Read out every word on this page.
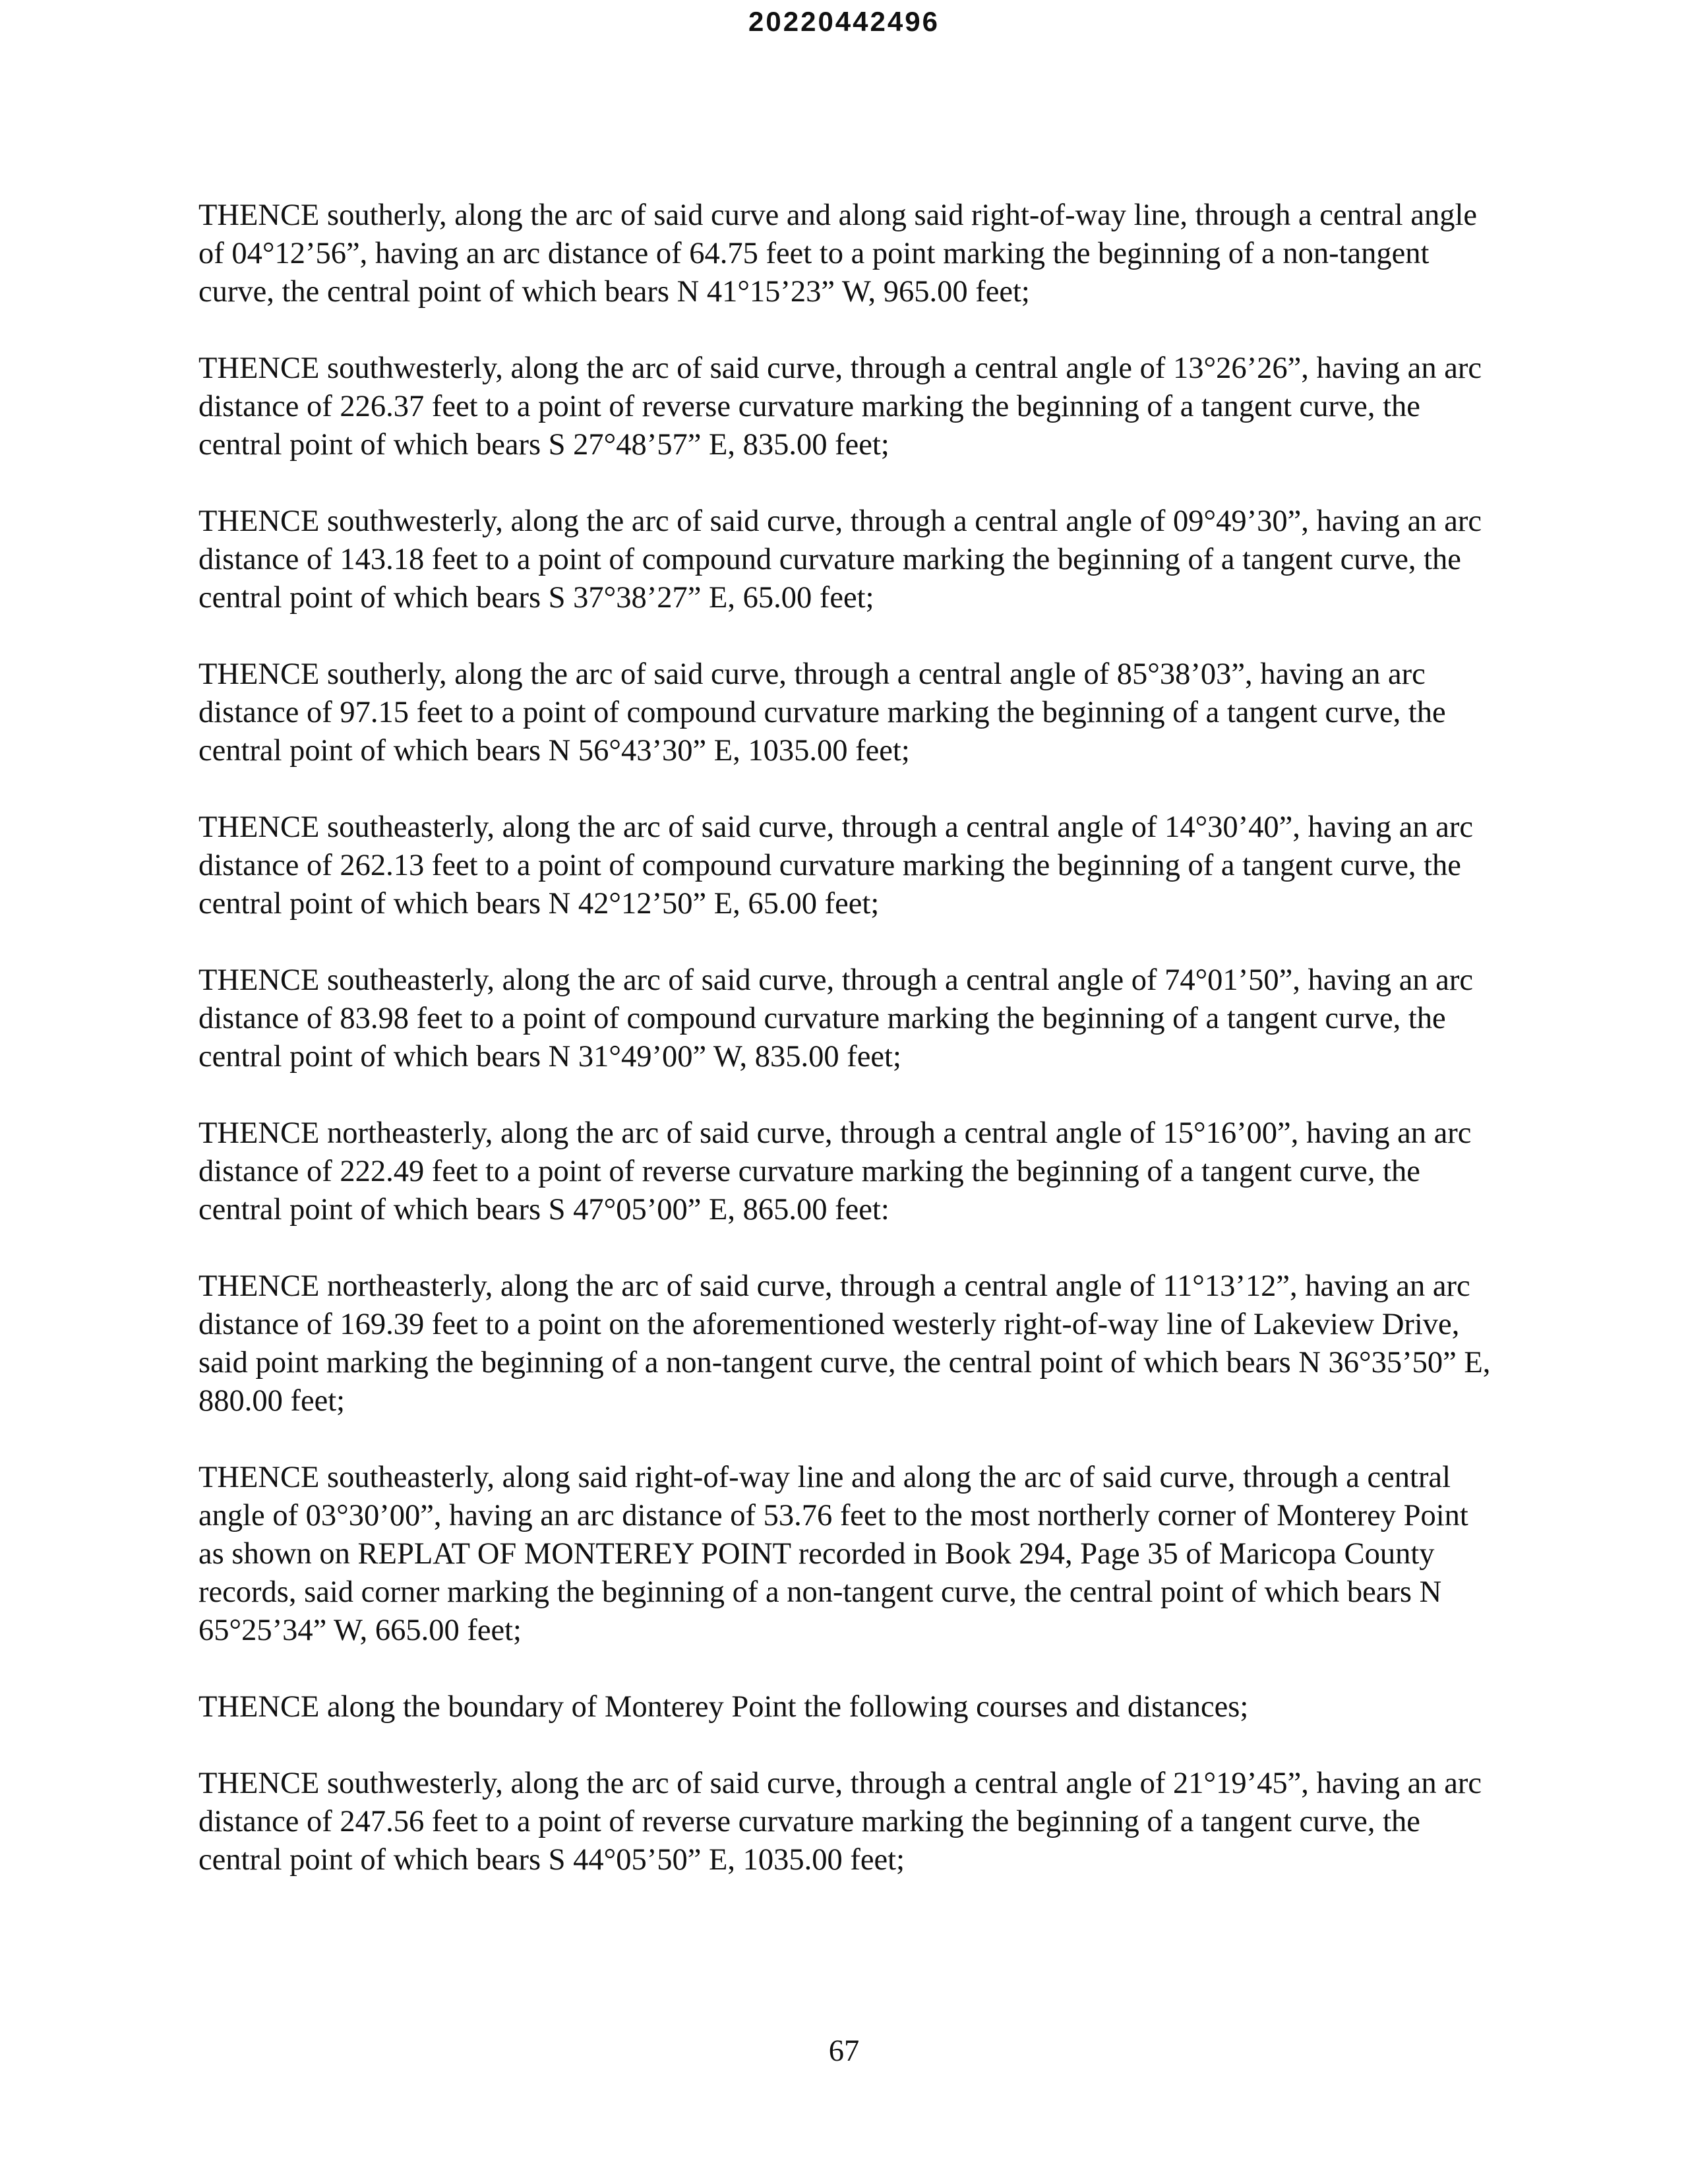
20220442496

THENCE southerly, along the arc of said curve and along said right-of-way line, through a central angle of 04°12’56”, having an arc distance of 64.75 feet to a point marking the beginning of a non-tangent curve, the central point of which bears N 41°15’23” W, 965.00 feet;

THENCE southwesterly, along the arc of said curve, through a central angle of 13°26’26”, having an arc distance of 226.37 feet to a point of reverse curvature marking the beginning of a tangent curve, the central point of which bears S 27°48’57” E, 835.00 feet;

THENCE southwesterly, along the arc of said curve, through a central angle of 09°49’30”, having an arc distance of 143.18 feet to a point of compound curvature marking the beginning of a tangent curve, the central point of which bears S 37°38’27” E, 65.00 feet;

THENCE southerly, along the arc of said curve, through a central angle of 85°38’03”, having an arc distance of 97.15 feet to a point of compound curvature marking the beginning of a tangent curve, the central point of which bears N 56°43’30” E, 1035.00 feet;

THENCE southeasterly, along the arc of said curve, through a central angle of 14°30’40”, having an arc distance of 262.13 feet to a point of compound curvature marking the beginning of a tangent curve, the central point of which bears N 42°12’50” E, 65.00 feet;

THENCE southeasterly, along the arc of said curve, through a central angle of 74°01’50”, having an arc distance of 83.98 feet to a point of compound curvature marking the beginning of a tangent curve, the central point of which bears N 31°49’00” W, 835.00 feet;

THENCE northeasterly, along the arc of said curve, through a central angle of 15°16’00”, having an arc distance of 222.49 feet to a point of reverse curvature marking the beginning of a tangent curve, the central point of which bears S 47°05’00” E, 865.00 feet:

THENCE northeasterly, along the arc of said curve, through a central angle of 11°13’12”, having an arc distance of 169.39 feet to a point on the aforementioned westerly right-of-way line of Lakeview Drive, said point marking the beginning of a non-tangent curve, the central point of which bears N 36°35’50” E, 880.00 feet;

THENCE southeasterly, along said right-of-way line and along the arc of said curve, through a central angle of 03°30’00”, having an arc distance of 53.76 feet to the most northerly corner of Monterey Point as shown on REPLAT OF MONTEREY POINT recorded in Book 294, Page 35 of Maricopa County records, said corner marking the beginning of a non-tangent curve, the central point of which bears N 65°25’34” W, 665.00 feet;

THENCE along the boundary of Monterey Point the following courses and distances;

THENCE southwesterly, along the arc of said curve, through a central angle of 21°19’45”, having an arc distance of 247.56 feet to a point of reverse curvature marking the beginning of a tangent curve, the central point of which bears S 44°05’50” E, 1035.00 feet;

67
